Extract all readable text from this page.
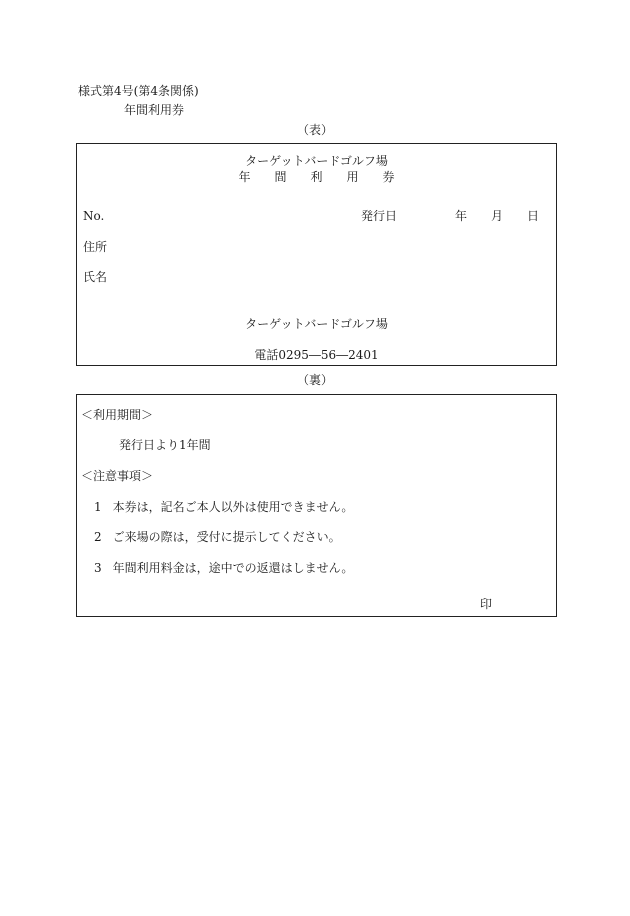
様式第4号(第4条関係)
年間利用券
（表）
ターゲットバードゴルフ場
年 間 利 用 券
No.	発行日	年 月 日
住所
氏名
ターゲットバードゴルフ場
電話0295―56―2401
（裏）
＜利用期間＞
発行日より1年間
＜注意事項＞
1 本券は，記名ご本人以外は使用できません。
2 ご来場の際は，受付に提示してください。
3 年間利用料金は，途中での返還はしません。
印
